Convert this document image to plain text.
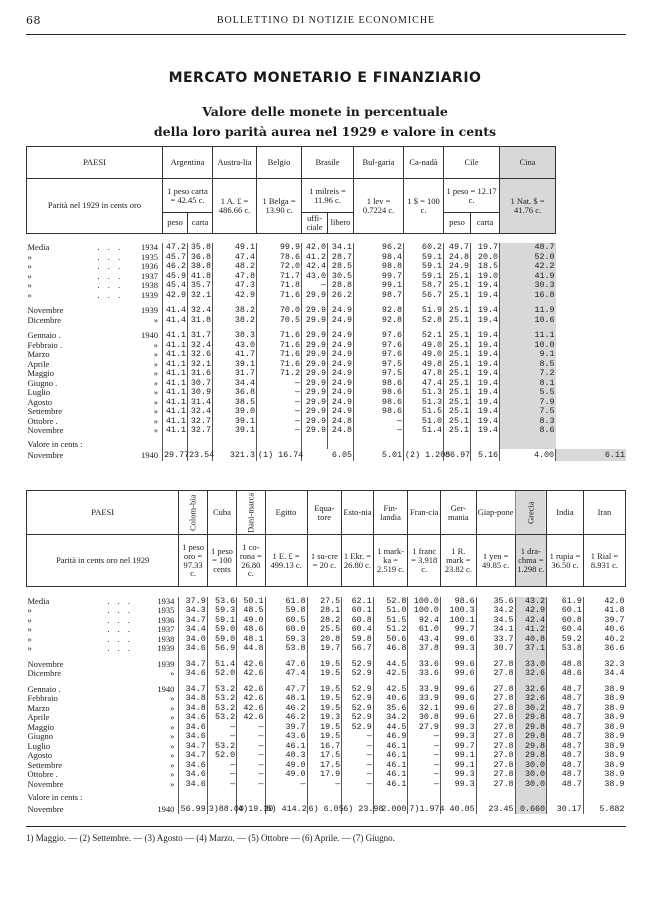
68	BOLLETTINO DI NOTIZIE ECONOMICHE
MERCATO MONETARIO E FINANZIARIO
Valore delle monete in percentuale
della loro parità aurea nel 1929 e valore in cents
PAESI			Argentina		Austra-lia	Belgio	Brasile		Bul-garia	Ca-nadà	Cile		Cina	
Parità nel 1929 in cents oro			1 peso carta = 42.45 c.		1 A. £ = 486.66 c.	1 Belga = 13.90 c.	1 milreis = 11.96 c.		1 lev = 0.7224 c.	1 $ = 100 c.	1 peso = 12.17 c.		1 Nat. $ = 41.76 c.	
			peso	carta			uffi-ciale	libero			peso	carta		

Media	. . .	1934	47.2	35.8	49.1	99.9	42.0	34.1	96.2	60.2	49.7	19.7	48.7	
»	. . .	1935	45.7	36.8	47.4	78.6	41.2	28.7	98.4	59.1	24.8	20.0	52.0	
»	. . .	1936	46.2	38.8	48.2	72.0	42.4	28.5	98.8	59.1	24.9	18.5	42.2	
»	. . .	1937	45.9	41.8	47.8	71.7	43.0	30.5	99.7	59.1	25.1	19.0	41.9	
»	. . .	1938	45.4	35.7	47.3	71.8	—	28.8	99.1	58.7	25.1	19.4	30.3	
»	. . .	1939	42.9	32.1	42.9	71.6	29.9	26.2	98.7	56.7	25.1	19.4	16.8	

Novembre		1939	41.4	32.4	38.2	70.0	29.9	24.9	92.8	51.9	25.1	19.4	11.9	
Dicembre		»	41.4	31.8	38.2	70.5	29.9	24.9	92.8	52.8	25.1	19.4	10.6	

Gennaio .		1940	41.1	31.7	38.3	71.6	29.9	24.9	97.6	52.1	25.1	19.4	11.1	
Febbraio .		»	41.1	32.4	43.0	71.6	29.9	24.9	97.6	49.0	25.1	19.4	10.0	
Marzo		»	41.1	32.6	41.7	71.6	29.9	24.9	97.6	49.0	25.1	19.4	9.1	
Aprile		»	41.1	32.1	39.1	71.6	29.9	24.9	97.5	49.8	25.1	19.4	8.5	
Maggio		»	41.1	31.6	31.7	71.2	29.9	24.9	97.5	47.8	25.1	19.4	7.2	
Giugno .		»	41.1	30.7	34.4	—	29.9	24.9	98.6	47.4	25.1	19.4	8.1	
Luglio		»	41.1	30.9	36.8	—	29.9	24.9	98.6	51.3	25.1	19.4	5.5	
Agosto		»	41.1	31.4	38.5	—	29.9	24.9	98.6	51.3	25.1	19.4	7.9	
Settembre		»	41.1	32.4	39.0	—	29.9	24.9	98.6	51.5	25.1	19.4	7.5	
Ottobre .		»	41.1	32.7	39.1	—	29.9	24.8	—	51.0	25.1	19.4	8.3	
Novembre		»	41.1	32.7	39.1	—	29.9	24.8	—	51.4	25.1	19.4	8.6	
Valore in cents :														
Novembre		1940	29.77	23.54	321.3	(1) 16.74	6.05		5.01	(2) 1.205	86.97	5.16	4.00	6.11
PAESI			Colom-bia	Cuba	Dani-marca	Egitto	Equa-tore	Esto-nia	Fin-landia	Fran-cia	Ger-mania	Giap-pone	Grecia	India	Iran
Parità in cents oro nel 1929			1 peso oro = 97.33 c.	1 peso = 100 cents	1 co-rona = 26.80 c.	1 E. £ = 499.13 c.	1 su-cre = 20 c.	1 Ekr. = 26.80 c.	1 mark-ka = 2.519 c.	1 franc = 3.918 c.	1 R. mark = 23.82 c.	1 yen = 49.85 c.	1 dra-chma = 1.298 c.	1 rupia = 36.50 c.	1 Rial = 8.931 c.

Media	. . .	1934	37.9	53.6	50.1	61.8	27.5	62.1	52.8	100.0	98.6	35.6	43.2	61.9	42.0
»	. . .	1935	34.3	59.3	48.5	59.8	28.1	60.1	51.0	100.0	100.3	34.2	42.9	60.1	41.8
»	. . .	1936	34.7	59.1	49.0	60.5	28.2	60.8	51.5	92.4	100.1	34.5	42.4	60.8	39.7
»	. . .	1937	34.4	59.0	48.6	60.0	25.5	60.4	51.2	61.0	99.7	34.1	41.2	60.4	40.6
»	. . .	1938	34.0	59.0	48.1	59.3	20.8	59.8	50.6	43.4	99.6	33.7	40.8	59.2	40.2
»	. . .	1939	34.6	56.9	44.8	53.8	19.7	56.7	46.8	37.8	99.3	30.7	37.1	53.8	36.6

Novembre		1939	34.7	51.4	42.6	47.6	19.5	52.9	44.5	33.6	99.6	27.8	33.0	48.8	32.3
Dicembre		»	34.6	52.0	42.6	47.4	19.5	52.9	42.5	33.6	99.6	27.8	32.6	48.6	34.4

Gennaio .		1940	34.7	53.2	42.6	47.7	19.5	52.9	42.5	33.9	99.6	27.8	32.6	48.7	38.9
Febbraio		»	34.8	53.2	42.6	48.1	19.5	52.9	40.6	33.9	99.6	27.8	32.6	48.7	38.9
Marzo		»	34.8	53.2	42.6	46.2	19.5	52.9	35.6	32.1	99.6	27.8	30.2	48.7	38.9
Aprile		»	34.6	53.2	42.6	46.2	19.3	52.9	34.2	30.8	99.6	27.8	29.8	48.7	38.9
Maggio		»	34.6	—	—	39.7	19.5	52.9	44.5	27.9	99.3	27.8	29.8	48.7	38.9
Giugno		»	34.6	—	—	43.6	19.5	—	46.9	—	99.3	27.8	29.8	48.7	38.9
Luglio		»	34.7	53.2	—	46.1	16.7	—	46.1	—	99.7	27.8	29.8	48.7	38.9
Agosto		»	34.7	52.0	—	48.3	17.5	—	46.1	—	99.1	27.8	29.8	48.7	38.9
Settembre		»	34.6	—	—	49.0	17.5	—	46.1	—	99.1	27.8	30.0	48.7	38.9
Ottobre .		»	34.6	—	—	49.0	17.9	—	46.1	—	99.3	27.8	30.0	48.7	38.9
Novembre		»	34.6	—	—	—	—	—	46.1	—	99.3	27.8	30.0	48.7	38.9
Valore in cents :															
Novembre		1940	56.99	3)88.00	4)19.30	5) 414.2	6) 6.05	6) 23.98	2.000	7)1.974	40.05	23.45	0.660	30.17	5.882
1) Maggio. — (2) Settembre. — (3) Agosto — (4) Marzo. — (5) Ottobre — (6) Aprile. — (7) Giugno.
